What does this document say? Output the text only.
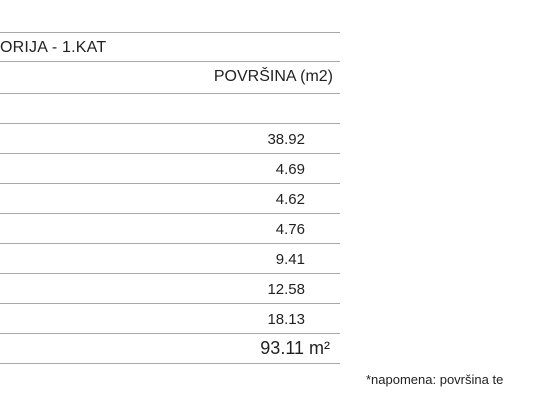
ORIJA - 1.KAT
POVRŠINA (m2)
38.92
4.69
4.62
4.76
9.41
12.58
18.13
93.11 m²
*napomena: površina te
